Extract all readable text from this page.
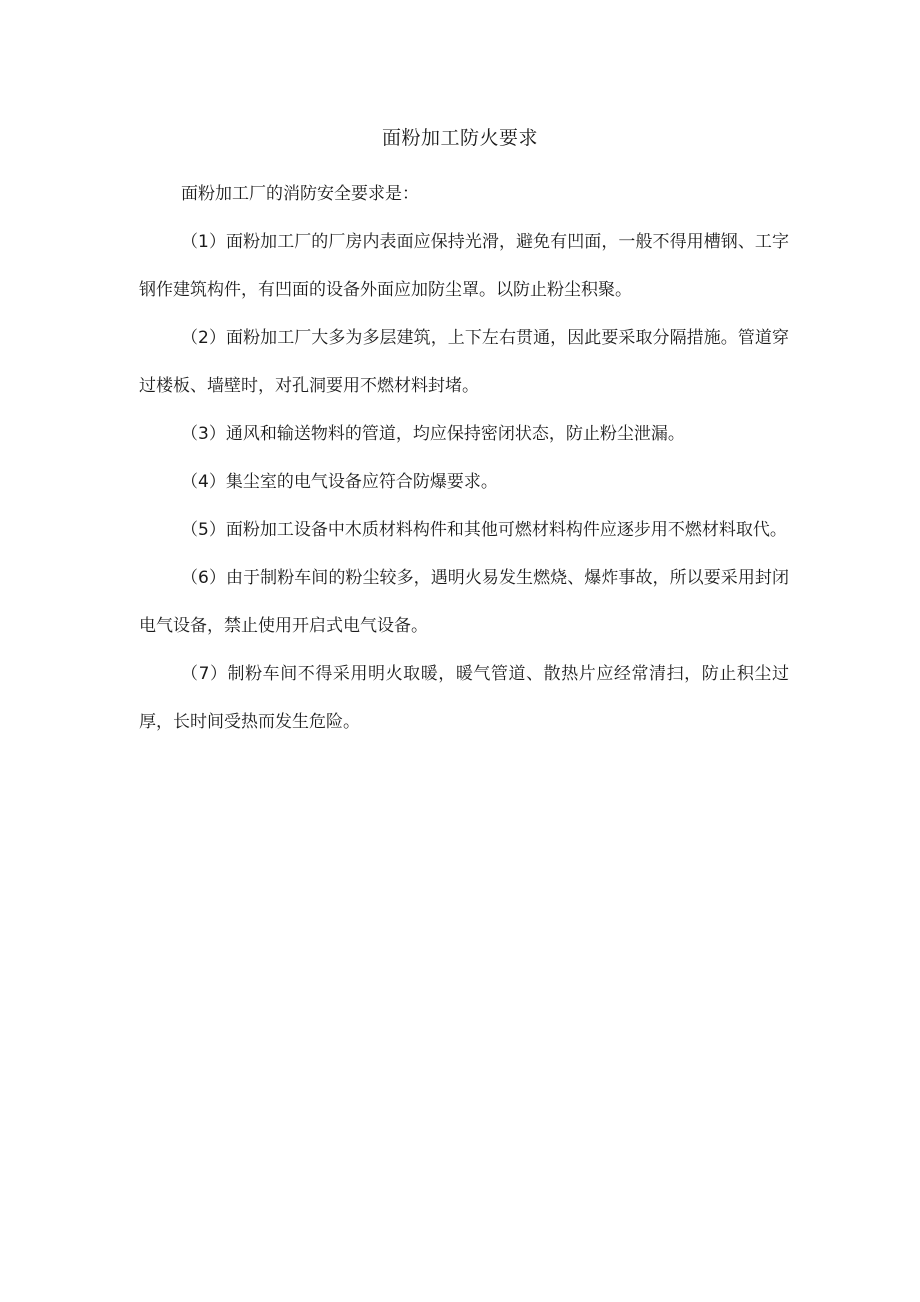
面粉加工防火要求

面粉加工厂的消防安全要求是：

（1）面粉加工厂的厂房内表面应保持光滑，避免有凹面，一般不得用槽钢、工字钢作建筑构件，有凹面的设备外面应加防尘罩。以防止粉尘积聚。

（2）面粉加工厂大多为多层建筑，上下左右贯通，因此要采取分隔措施。管道穿过楼板、墙壁时，对孔洞要用不燃材料封堵。

（3）通风和输送物料的管道，均应保持密闭状态，防止粉尘泄漏。

（4）集尘室的电气设备应符合防爆要求。

（5）面粉加工设备中木质材料构件和其他可燃材料构件应逐步用不燃材料取代。

（6）由于制粉车间的粉尘较多，遇明火易发生燃烧、爆炸事故，所以要采用封闭电气设备，禁止使用开启式电气设备。

（7）制粉车间不得采用明火取暖，暖气管道、散热片应经常清扫，防止积尘过厚，长时间受热而发生危险。
